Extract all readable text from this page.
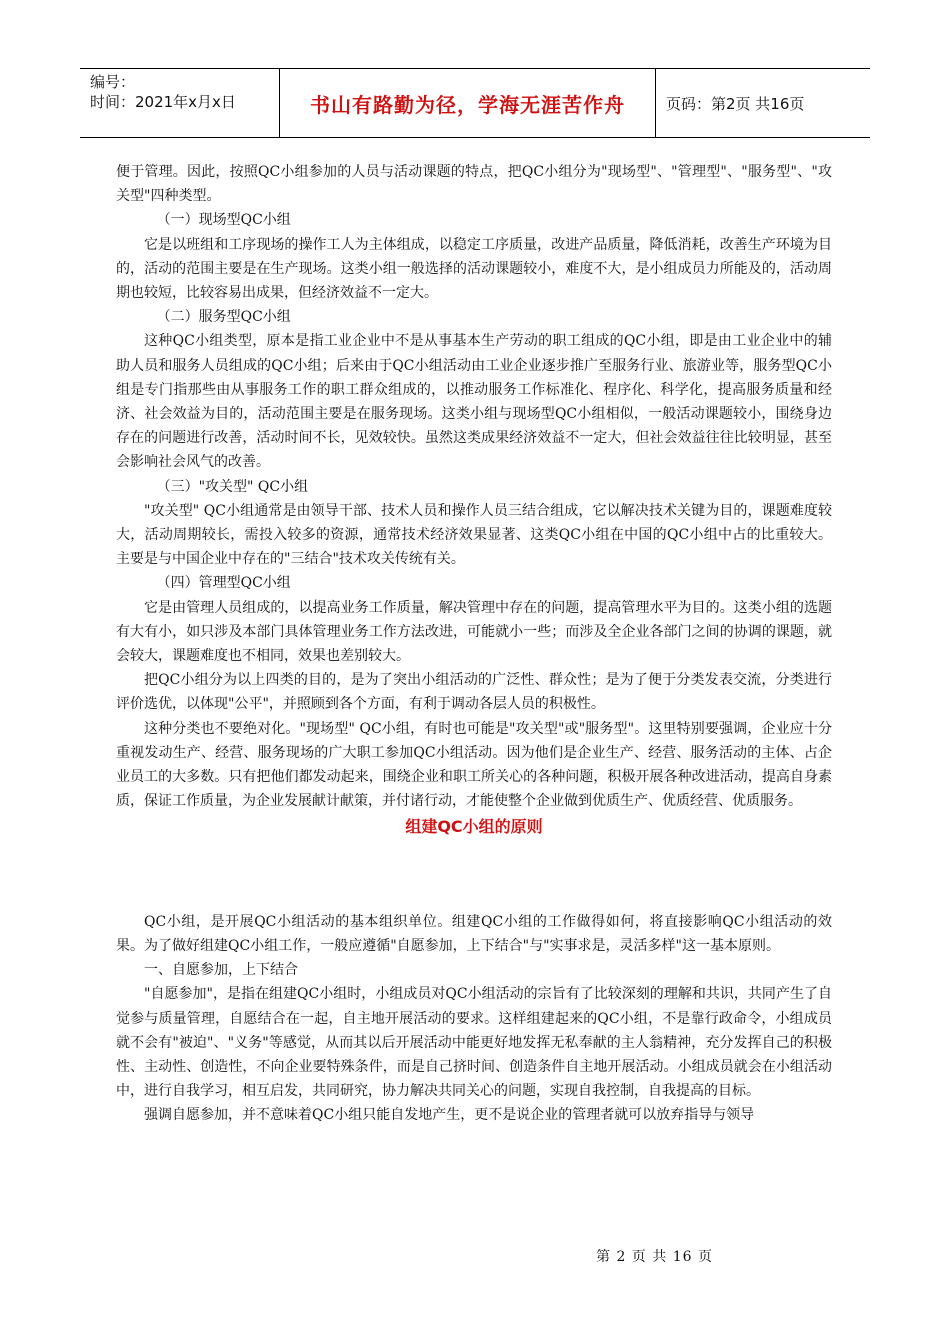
编号：
时间：2021年x月x日	书山有路勤为径，学海无涯苦作舟	页码：第2页 共16页

便于管理。因此，按照QC小组参加的人员与活动课题的特点，把QC小组分为"现场型"、"管理型"、"服务型"、"攻关型"四种类型。

（一）现场型QC小组

它是以班组和工序现场的操作工人为主体组成，以稳定工序质量，改进产品质量，降低消耗，改善生产环境为目的，活动的范围主要是在生产现场。这类小组一般选择的活动课题较小，难度不大，是小组成员力所能及的，活动周期也较短，比较容易出成果，但经济效益不一定大。

（二）服务型QC小组

这种QC小组类型，原本是指工业企业中不是从事基本生产劳动的职工组成的QC小组，即是由工业企业中的辅助人员和服务人员组成的QC小组；后来由于QC小组活动由工业企业逐步推广至服务行业、旅游业等，服务型QC小组是专门指那些由从事服务工作的职工群众组成的，以推动服务工作标准化、程序化、科学化，提高服务质量和经济、社会效益为目的，活动范围主要是在服务现场。这类小组与现场型QC小组相似，一般活动课题较小，围绕身边存在的问题进行改善，活动时间不长，见效较快。虽然这类成果经济效益不一定大，但社会效益往往比较明显，甚至会影响社会风气的改善。

（三）"攻关型" QC小组

"攻关型" QC小组通常是由领导干部、技术人员和操作人员三结合组成，它以解决技术关键为目的，课题难度较大，活动周期较长，需投入较多的资源，通常技术经济效果显著、这类QC小组在中国的QC小组中占的比重较大。主要是与中国企业中存在的"三结合"技术攻关传统有关。

（四）管理型QC小组

它是由管理人员组成的，以提高业务工作质量，解决管理中存在的问题，提高管理水平为目的。这类小组的选题有大有小，如只涉及本部门具体管理业务工作方法改进，可能就小一些；而涉及全企业各部门之间的协调的课题，就会较大，课题难度也不相同，效果也差别较大。

把QC小组分为以上四类的目的，是为了突出小组活动的广泛性、群众性；是为了便于分类发表交流，分类进行评价选优，以体现"公平"，并照顾到各个方面，有利于调动各层人员的积极性。

这种分类也不要绝对化。"现场型" QC小组，有时也可能是"攻关型"或"服务型"。这里特别要强调，企业应十分重视发动生产、经营、服务现场的广大职工参加QC小组活动。因为他们是企业生产、经营、服务活动的主体、占企业员工的大多数。只有把他们都发动起来，围绕企业和职工所关心的各种问题，积极开展各种改进活动，提高自身素质，保证工作质量，为企业发展献计献策，并付诸行动，才能使整个企业做到优质生产、优质经营、优质服务。

组建QC小组的原则

QC小组，是开展QC小组活动的基本组织单位。组建QC小组的工作做得如何，将直接影响QC小组活动的效果。为了做好组建QC小组工作，一般应遵循"自愿参加，上下结合"与"实事求是，灵活多样"这一基本原则。

一、自愿参加，上下结合

"自愿参加"，是指在组建QC小组时，小组成员对QC小组活动的宗旨有了比较深刻的理解和共识，共同产生了自觉参与质量管理，自愿结合在一起，自主地开展活动的要求。这样组建起来的QC小组，不是靠行政命令，小组成员就不会有"被迫"、"义务"等感觉，从而其以后开展活动中能更好地发挥无私奉献的主人翁精神，充分发挥自己的积极性、主动性、创造性，不向企业要特殊条件，而是自己挤时间、创造条件自主地开展活动。小组成员就会在小组活动中，进行自我学习，相互启发，共同研究，协力解决共同关心的问题，实现自我控制，自我提高的目标。

强调自愿参加，并不意味着QC小组只能自发地产生，更不是说企业的管理者就可以放弃指导与领导

第 2 页 共 16 页
